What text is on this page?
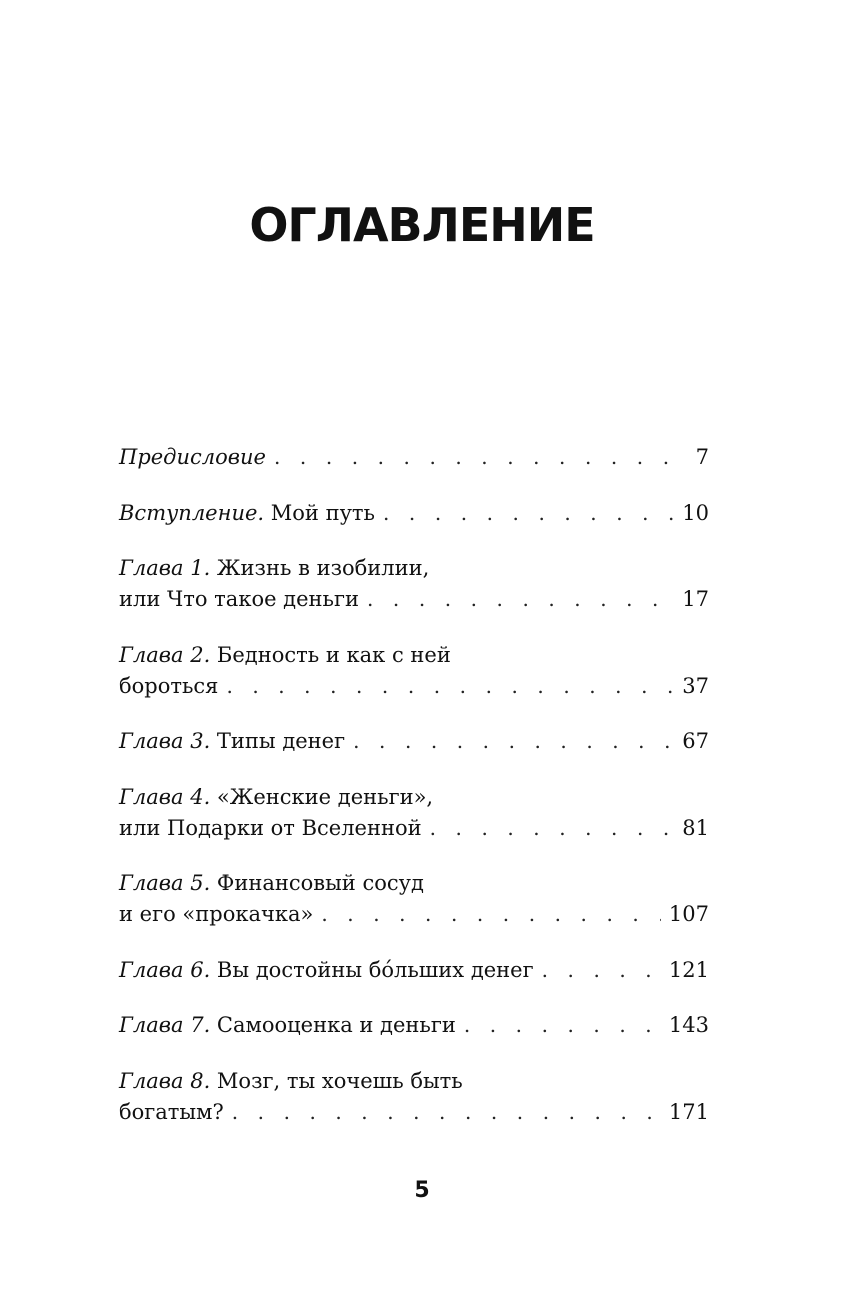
ОГЛАВЛЕНИЕ
Предисловие . . .	7
Вступление. Мой путь . . .	10
Глава 1. Жизнь в изобилии,
или Что такое деньги . . .	17
Глава 2. Бедность и как с ней
бороться . . .	37
Глава 3. Типы денег . . .	67
Глава 4. «Женские деньги»,
или Подарки от Вселенной . . .	81
Глава 5. Финансовый сосуд
и его «прокачка» . . .	107
Глава 6. Вы достойны бо́льших денег . . .	121
Глава 7. Самооценка и деньги . . .	143
Глава 8. Мозг, ты хочешь быть
богатым? . . .	171

5
